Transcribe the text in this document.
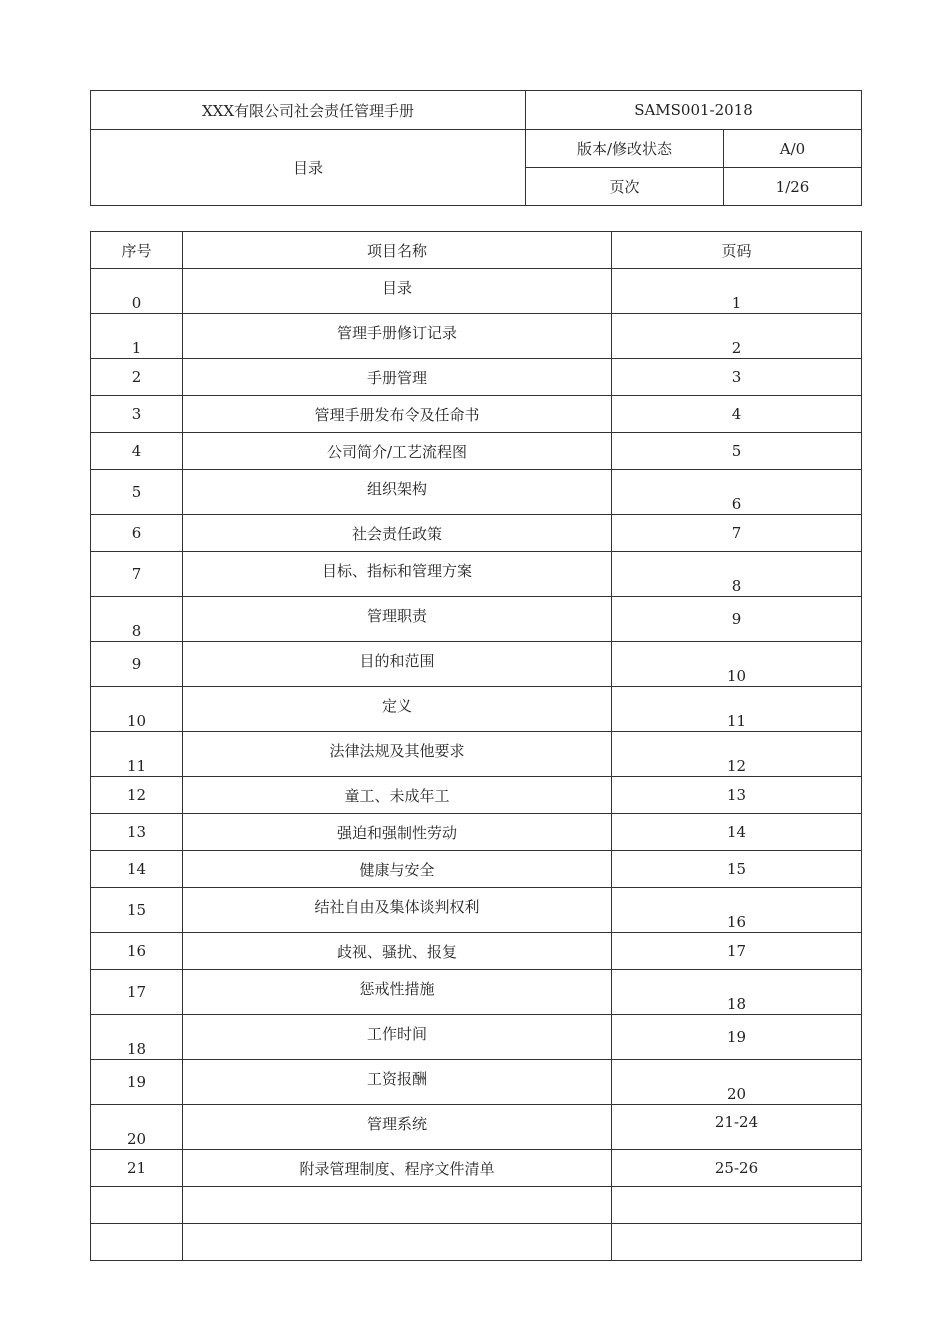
XXX有限公司社会责任管理手册	SAMS001-2018	
目录	版本/修改状态	A/0
	页次	1/26
序号	项目名称	页码
0	目录	1
1	管理手册修订记录	2
2	手册管理	3
3	管理手册发布令及任命书	4
4	公司简介/工艺流程图	5
5	组织架构	6
6	社会责任政策	7
7	目标、指标和管理方案	8
8	管理职责	9
9	目的和范围	10
10	定义	11
11	法律法规及其他要求	12
12	童工、未成年工	13
13	强迫和强制性劳动	14
14	健康与安全	15
15	结社自由及集体谈判权利	16
16	歧视、骚扰、报复	17
17	惩戒性措施	18
18	工作时间	19
19	工资报酬	20
20	管理系统	21-24
21	附录管理制度、程序文件清单	25-26
